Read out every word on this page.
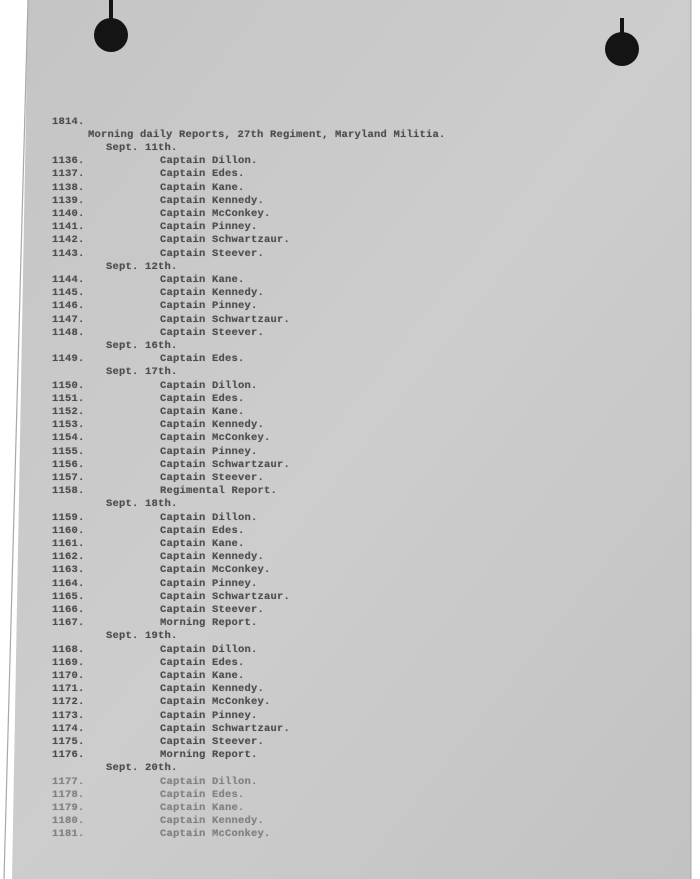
1814.
Morning daily Reports, 27th Regiment, Maryland Militia.
Sept. 11th.
1136.	Captain Dillon.
1137.	Captain Edes.
1138.	Captain Kane.
1139.	Captain Kennedy.
1140.	Captain McConkey.
1141.	Captain Pinney.
1142.	Captain Schwartzaur.
1143.	Captain Steever.
Sept. 12th.
1144.	Captain Kane.
1145.	Captain Kennedy.
1146.	Captain Pinney.
1147.	Captain Schwartzaur.
1148.	Captain Steever.
Sept. 16th.
1149.	Captain Edes.
Sept. 17th.
1150.	Captain Dillon.
1151.	Captain Edes.
1152.	Captain Kane.
1153.	Captain Kennedy.
1154.	Captain McConkey.
1155.	Captain Pinney.
1156.	Captain Schwartzaur.
1157.	Captain Steever.
1158.	Regimental Report.
Sept. 18th.
1159.	Captain Dillon.
1160.	Captain Edes.
1161.	Captain Kane.
1162.	Captain Kennedy.
1163.	Captain McConkey.
1164.	Captain Pinney.
1165.	Captain Schwartzaur.
1166.	Captain Steever.
1167.	Morning Report.
Sept. 19th.
1168.	Captain Dillon.
1169.	Captain Edes.
1170.	Captain Kane.
1171.	Captain Kennedy.
1172.	Captain McConkey.
1173.	Captain Pinney.
1174.	Captain Schwartzaur.
1175.	Captain Steever.
1176.	Morning Report.
Sept. 20th.
1177.	Captain Dillon.
1178.	Captain Edes.
1179.	Captain Kane.
1180.	Captain Kennedy.
1181.	Captain McConkey.
